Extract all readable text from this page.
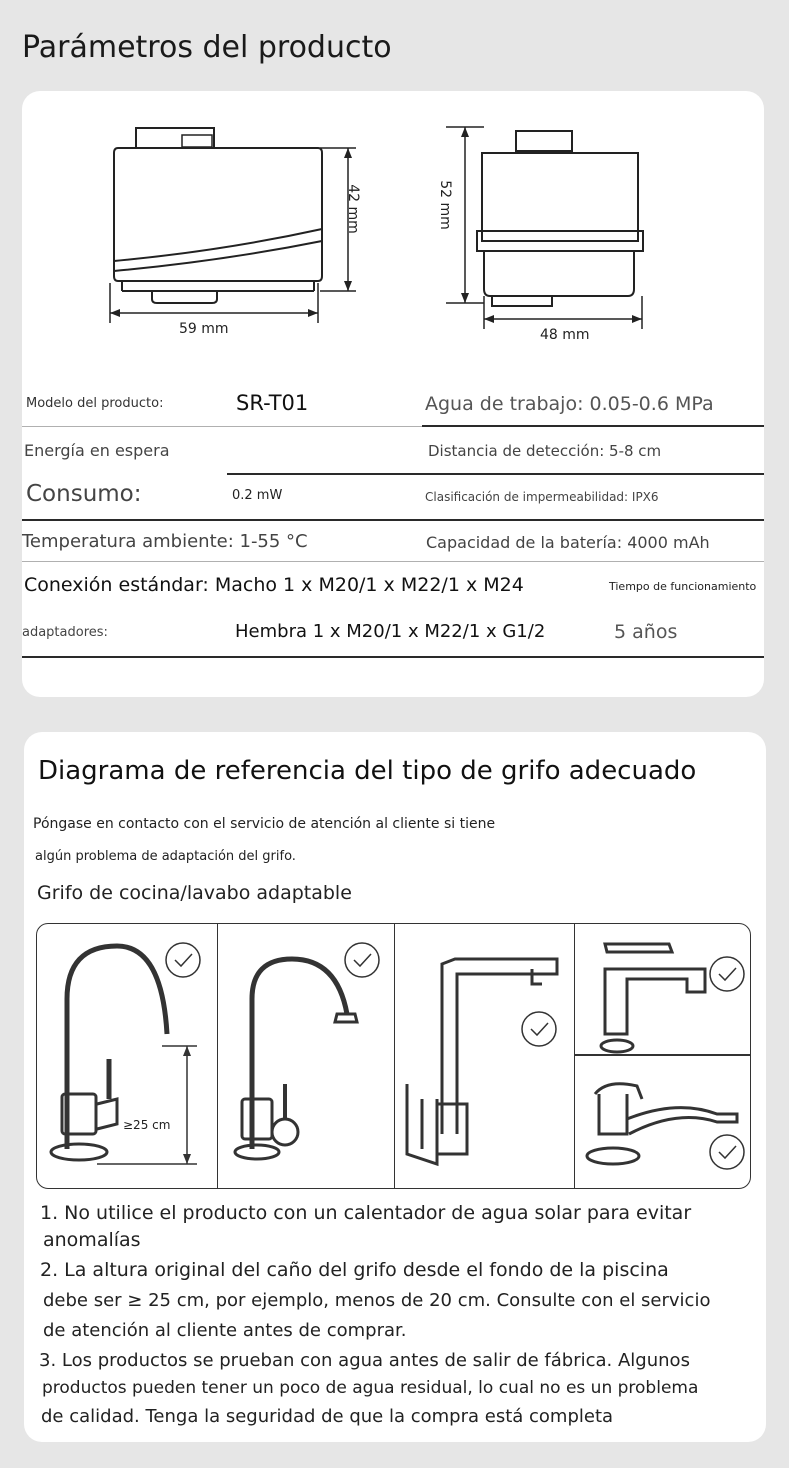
Parámetros del producto
59 mm
42 mm
48 mm
52 mm
Modelo del producto:	SR-T01	Agua de trabajo: 0.05-0.6 MPa
Energía en espera	Distancia de detección: 5-8 cm
Consumo:	0.2 mW	Clasificación de impermeabilidad: IPX6
Temperatura ambiente: 1-55 °C	Capacidad de la batería: 4000 mAh
Conexión estándar: Macho 1 x M20/1 x M22/1 x M24	Tiempo de funcionamiento
adaptadores:	Hembra 1 x M20/1 x M22/1 x G1/2	5 años
Diagrama de referencia del tipo de grifo adecuado
Póngase en contacto con el servicio de atención al cliente si tiene
algún problema de adaptación del grifo.
Grifo de cocina/lavabo adaptable
≥25 cm
1. No utilice el producto con un calentador de agua solar para evitar
anomalías
2. La altura original del caño del grifo desde el fondo de la piscina
debe ser ≥ 25 cm, por ejemplo, menos de 20 cm. Consulte con el servicio
de atención al cliente antes de comprar.
3. Los productos se prueban con agua antes de salir de fábrica. Algunos
productos pueden tener un poco de agua residual, lo cual no es un problema
de calidad. Tenga la seguridad de que la compra está completa
